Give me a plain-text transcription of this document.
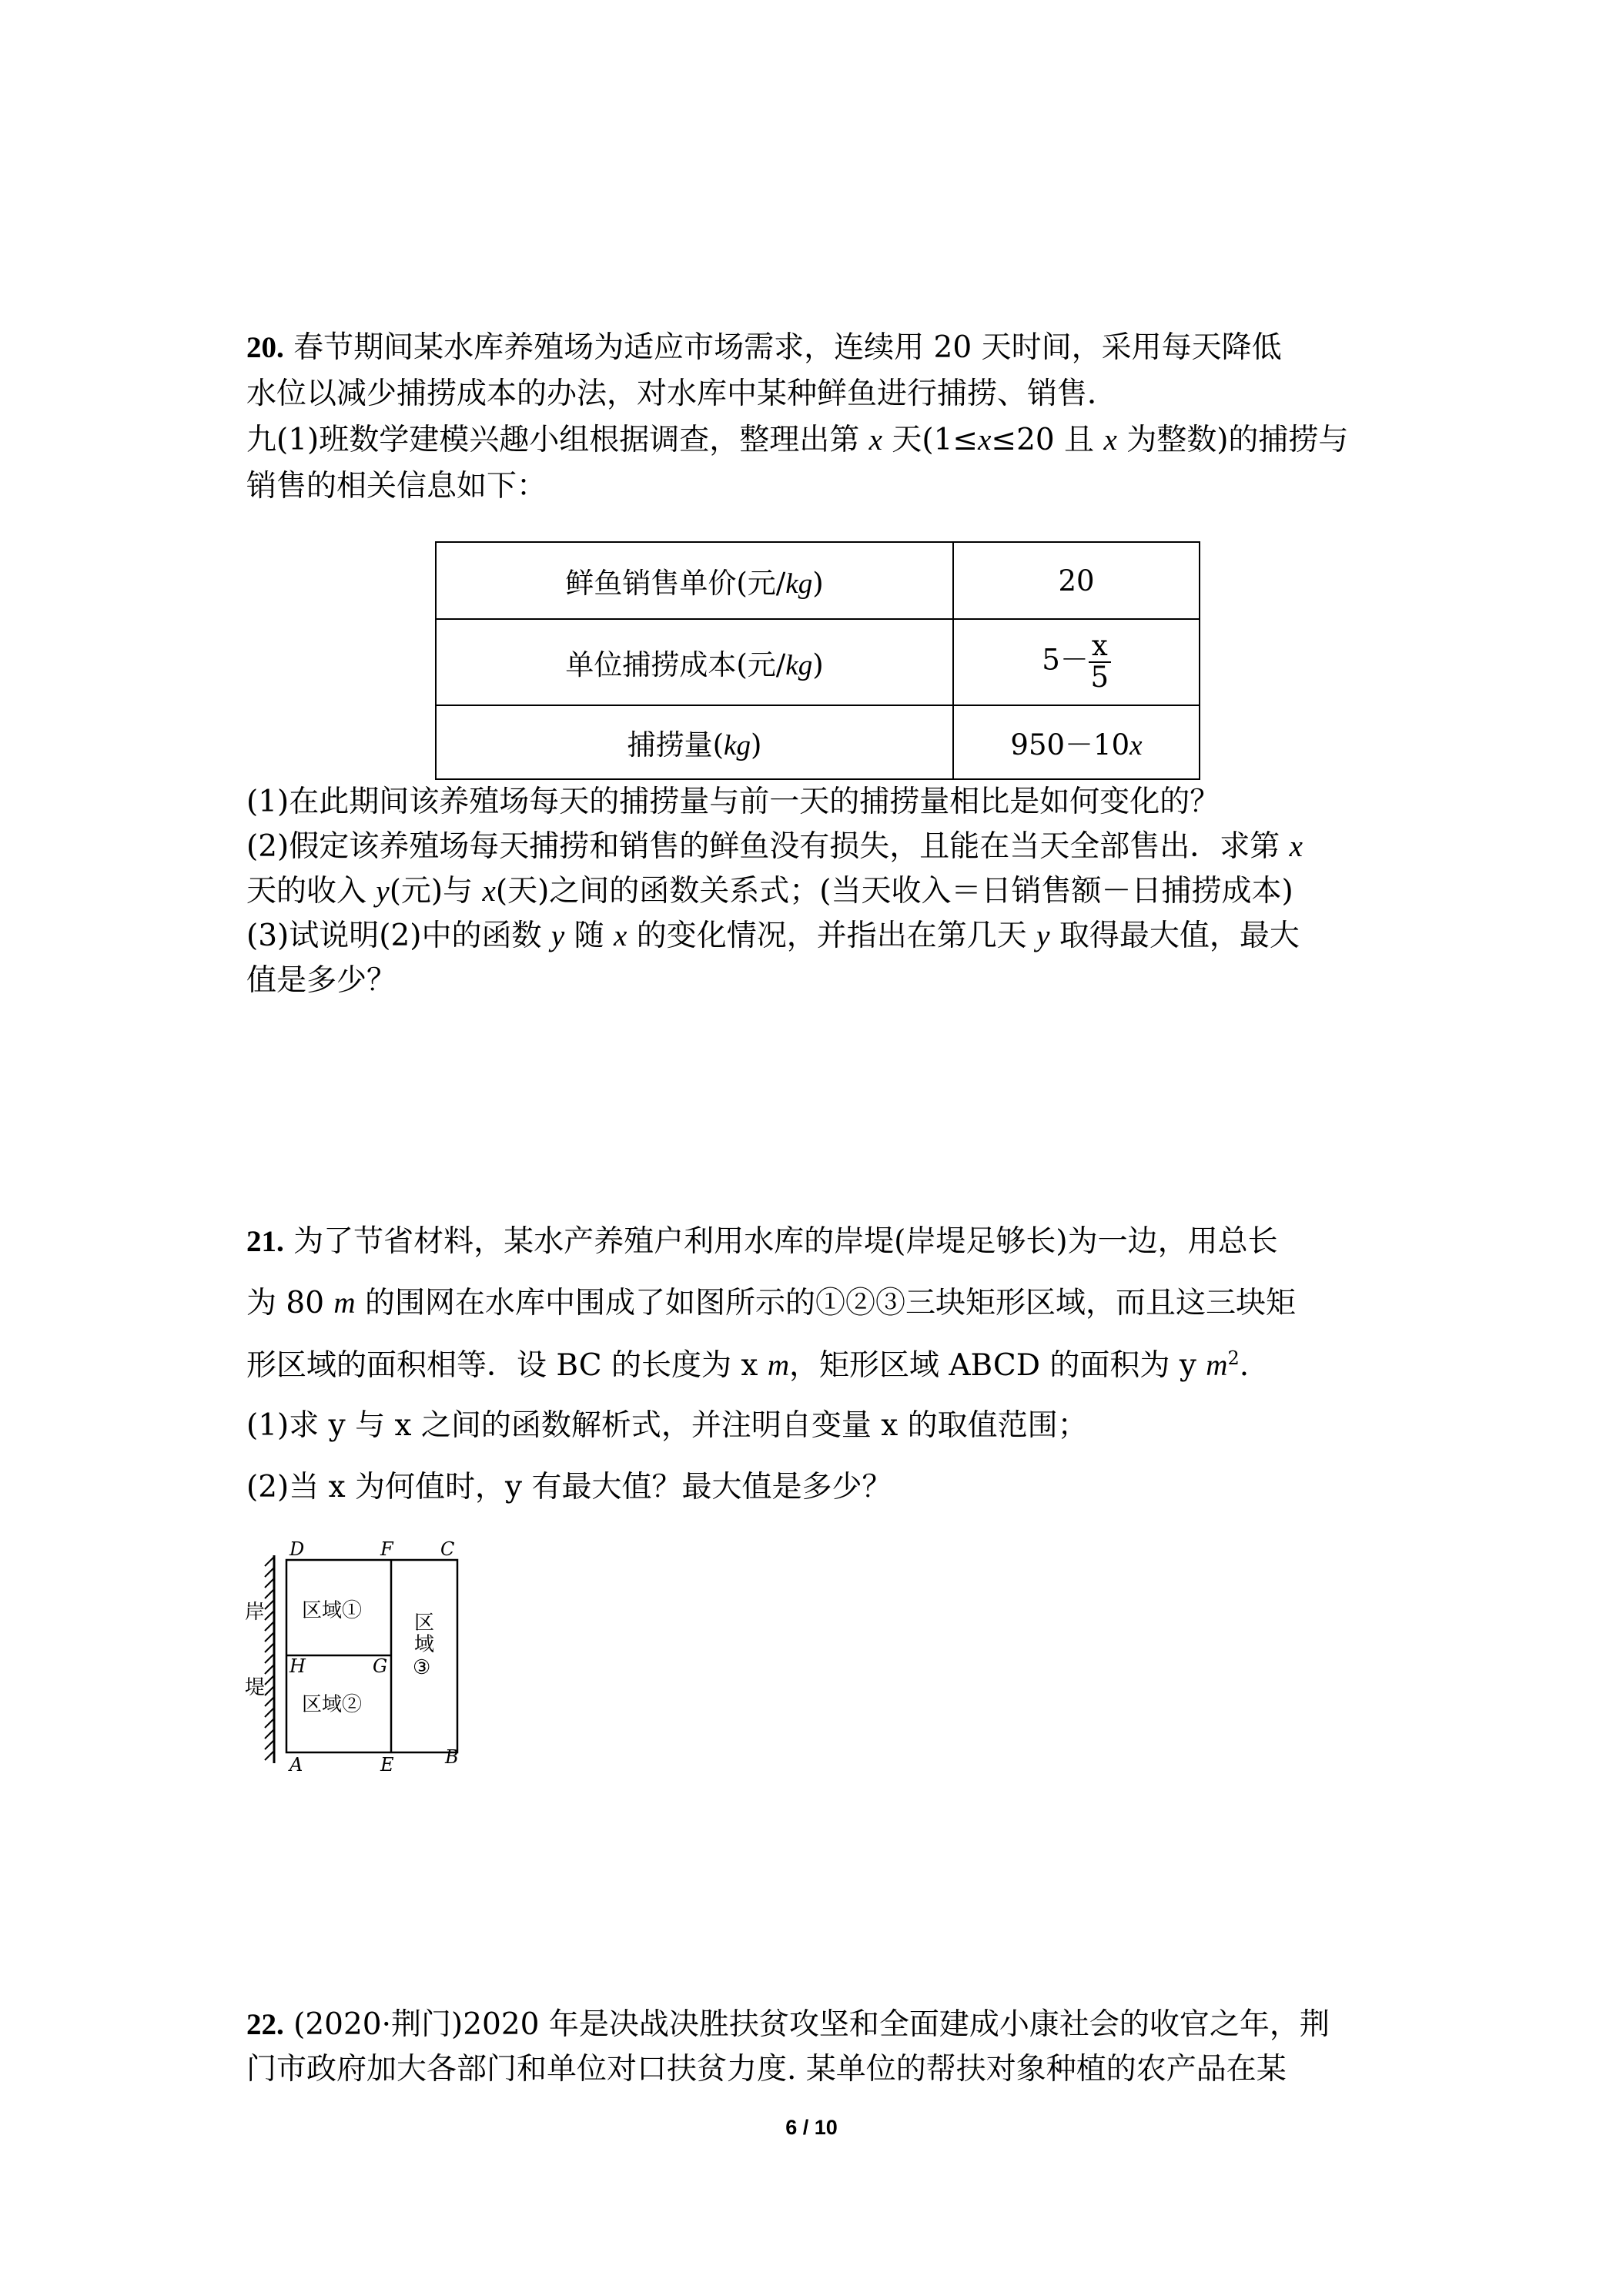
20. 春节期间某水库养殖场为适应市场需求，连续用 20 天时间，采用每天降低
水位以减少捕捞成本的办法，对水库中某种鲜鱼进行捕捞、销售．
九(1)班数学建模兴趣小组根据调查，整理出第 x 天(1≤x≤20 且 x 为整数)的捕捞与
销售的相关信息如下：
鲜鱼销售单价(元/kg)	20
单位捕捞成本(元/kg)	$5- \frac{x}{5}$

捕捞量(kg)	950－10x
(1)在此期间该养殖场每天的捕捞量与前一天的捕捞量相比是如何变化的？
(2)假定该养殖场每天捕捞和销售的鲜鱼没有损失，且能在当天全部售出．求第 x
天的收入 y(元)与 x(天)之间的函数关系式；(当天收入＝日销售额－日捕捞成本)
(3)试说明(2)中的函数 y 随 x 的变化情况，并指出在第几天 y 取得最大值，最大
值是多少？
21. 为了节省材料，某水产养殖户利用水库的岸堤(岸堤足够长)为一边，用总长
为 80 m 的围网在水库中围成了如图所示的①②③三块矩形区域，而且这三块矩
形区域的面积相等．设 BC 的长度为 x m，矩形区域 ABCD 的面积为 y $m^2$.
(1)求 y 与 x 之间的函数解析式，并注明自变量 x 的取值范围；
(2)当 x 为何值时，y 有最大值？最大值是多少？
D	F	C
H	G
A	E	B
区域①
区域②
区
域
③
岸
堤
22. (2020·荆门)2020 年是决战决胜扶贫攻坚和全面建成小康社会的收官之年，荆
门市政府加大各部门和单位对口扶贫力度. 某单位的帮扶对象种植的农产品在某
6 / 10
